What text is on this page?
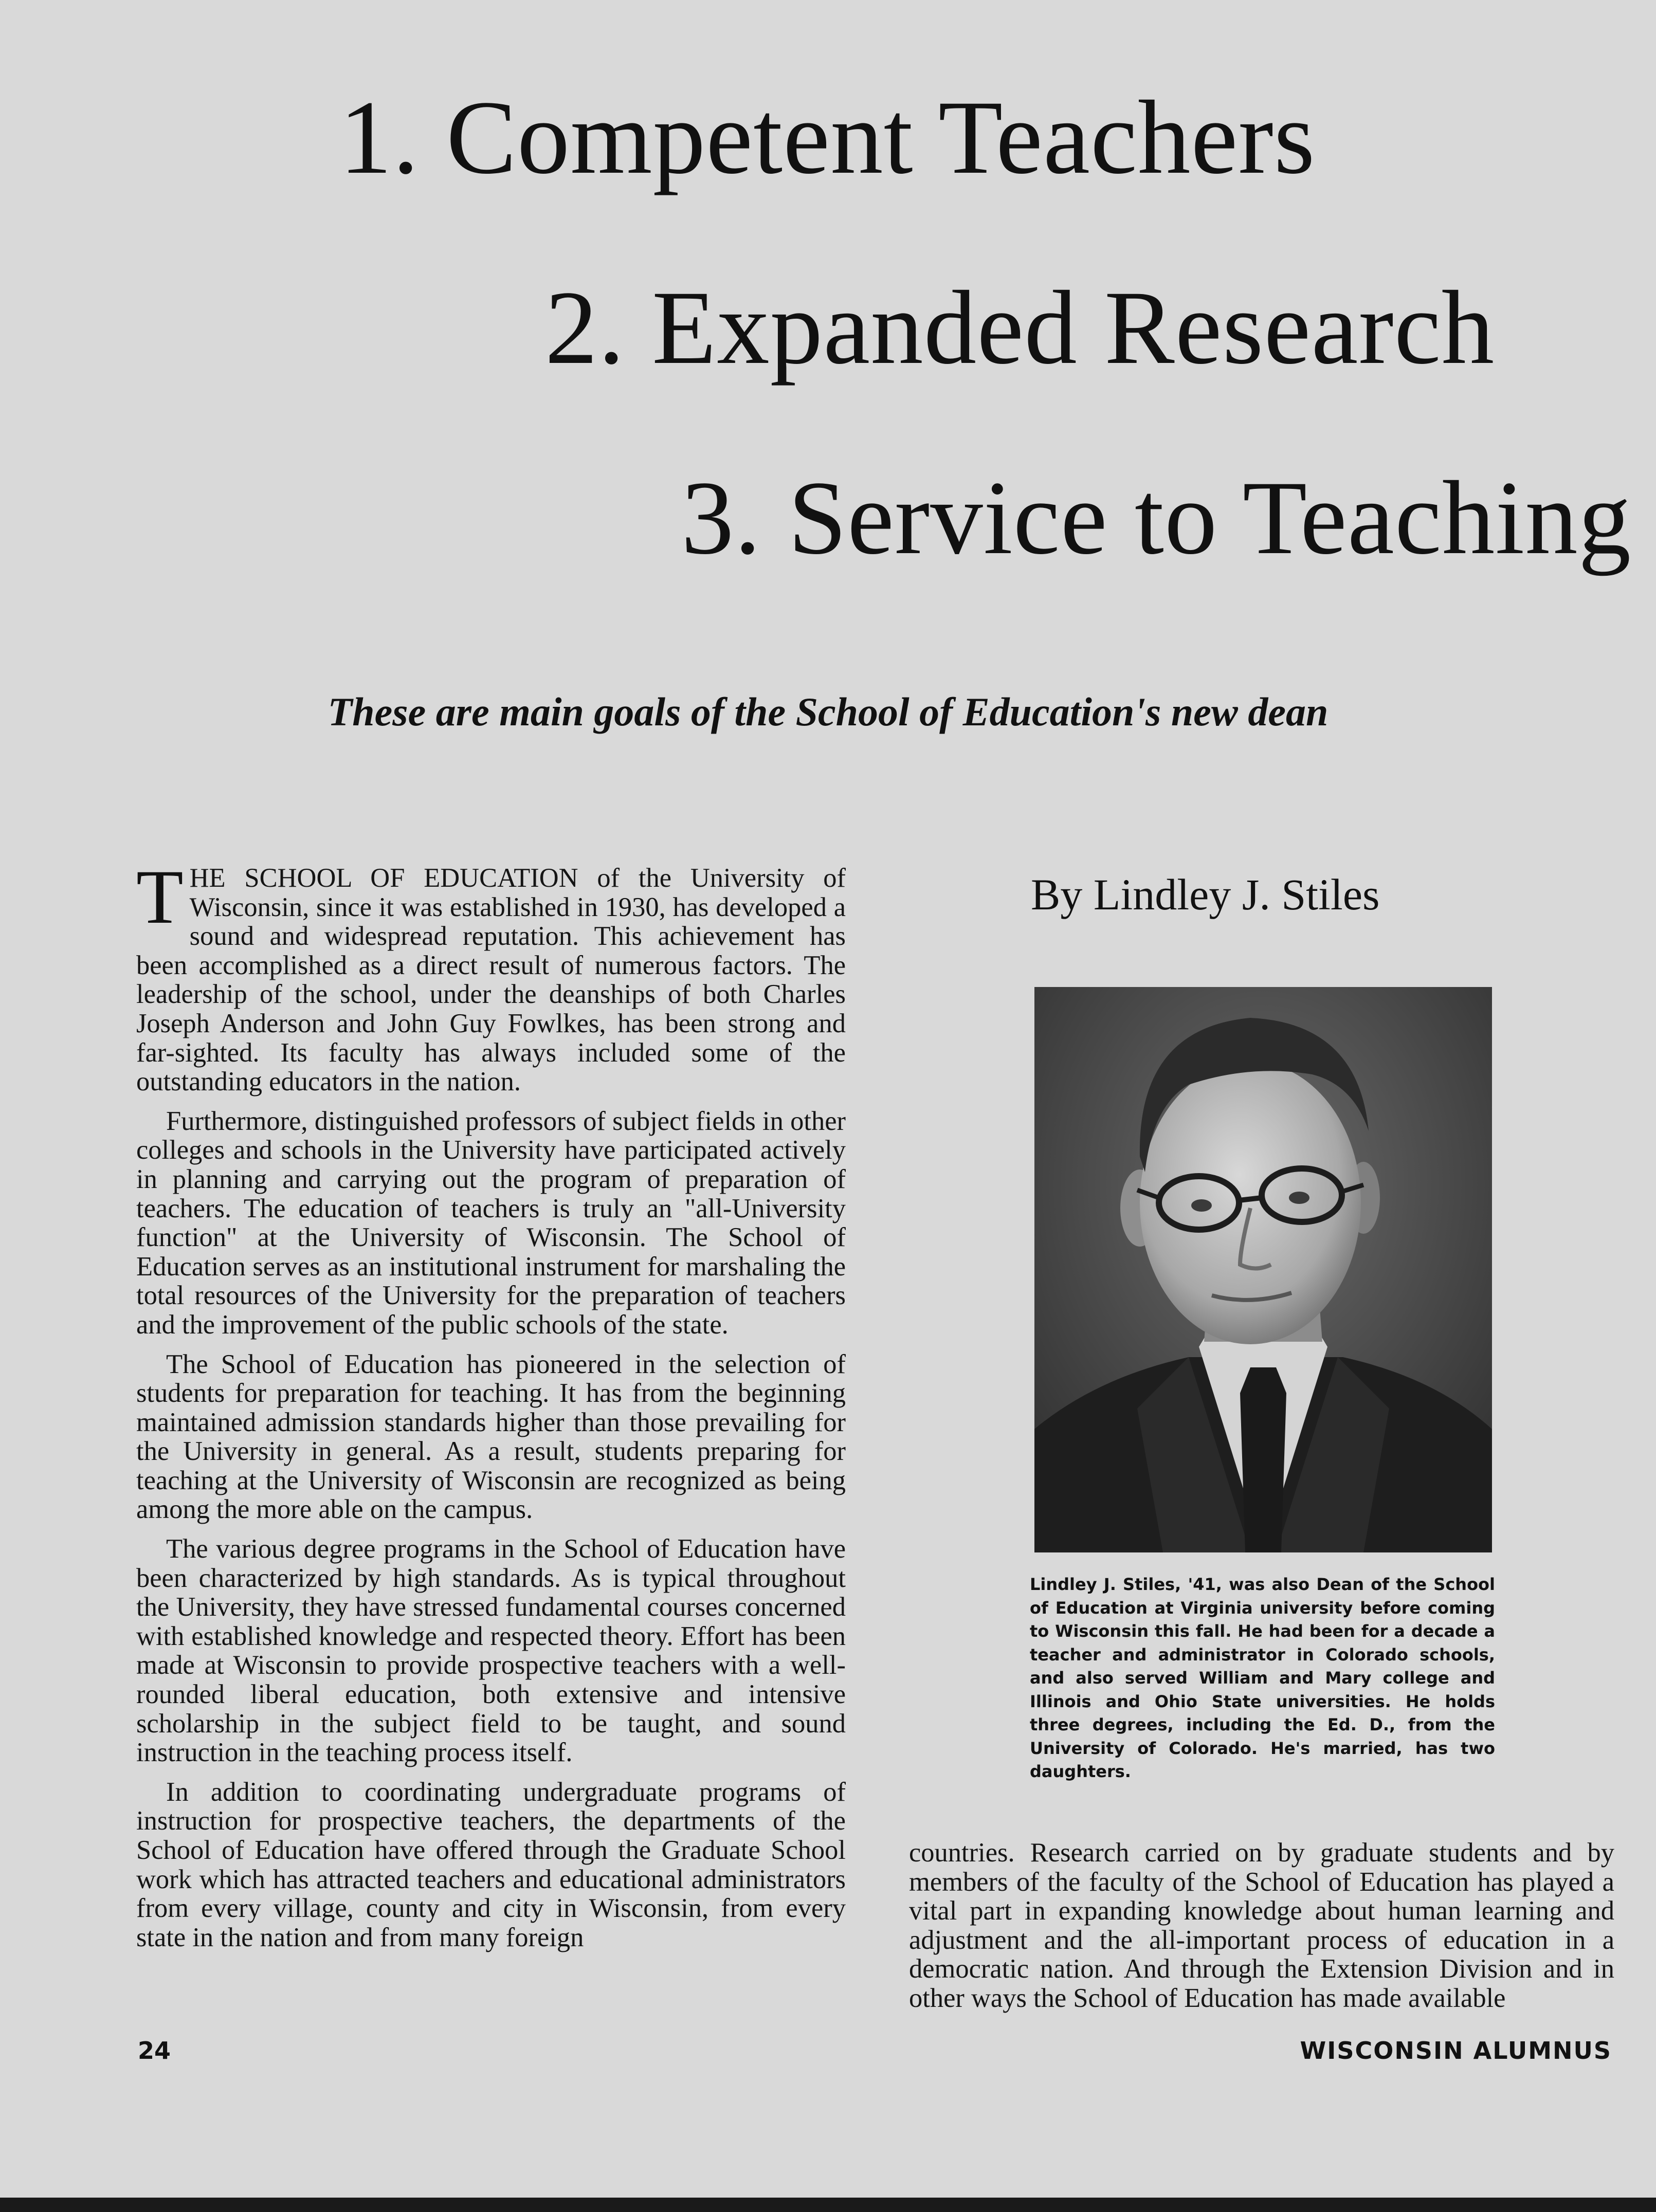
1. Competent Teachers
2. Expanded Research
3. Service to Teaching
These are main goals of the School of Education's new dean

THE SCHOOL OF EDUCATION of the University of Wisconsin, since it was established in 1930, has developed a sound and widespread reputation. This achievement has been accomplished as a direct result of numerous factors. The leadership of the school, under the deanships of both Charles Joseph Anderson and John Guy Fowlkes, has been strong and far-sighted. Its faculty has always included some of the outstanding educators in the nation.

Furthermore, distinguished professors of subject fields in other colleges and schools in the University have participated actively in planning and carrying out the program of preparation of teachers. The education of teachers is truly an "all-University function" at the University of Wisconsin. The School of Education serves as an institutional instrument for marshaling the total resources of the University for the preparation of teachers and the improvement of the public schools of the state.

The School of Education has pioneered in the selection of students for preparation for teaching. It has from the beginning maintained admission standards higher than those prevailing for the University in general. As a result, students preparing for teaching at the University of Wisconsin are recognized as being among the more able on the campus.

The various degree programs in the School of Education have been characterized by high standards. As is typical throughout the University, they have stressed fundamental courses concerned with established knowledge and respected theory. Effort has been made at Wisconsin to provide prospective teachers with a well-rounded liberal education, both extensive and intensive scholarship in the subject field to be taught, and sound instruction in the teaching process itself.

In addition to coordinating undergraduate programs of instruction for prospective teachers, the departments of the School of Education have offered through the Graduate School work which has attracted teachers and educational administrators from every village, county and city in Wisconsin, from every state in the nation and from many foreign

By Lindley J. Stiles
Lindley J. Stiles, '41, was also Dean of the School of Education at Virginia university before coming to Wisconsin this fall. He had been for a decade a teacher and administrator in Colorado schools, and also served William and Mary college and Illinois and Ohio State universities. He holds three degrees, including the Ed. D., from the University of Colorado. He's married, has two daughters.

countries. Research carried on by graduate students and by members of the faculty of the School of Education has played a vital part in expanding knowledge about human learning and adjustment and the all-important process of education in a democratic nation. And through the Extension Division and in other ways the School of Education has made available

24	WISCONSIN ALUMNUS
